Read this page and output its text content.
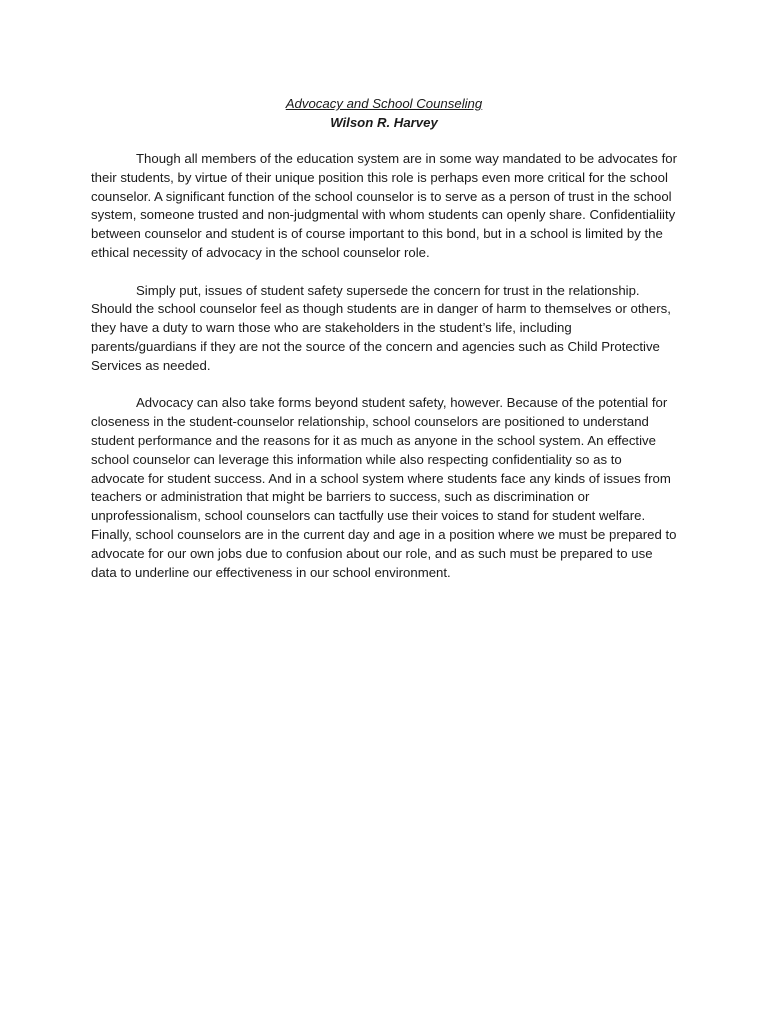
Advocacy and School Counseling
Wilson R. Harvey

Though all members of the education system are in some way mandated to be advocates for their students, by virtue of their unique position this role is perhaps even more critical for the school counselor. A significant function of the school counselor is to serve as a person of trust in the school system, someone trusted and non-judgmental with whom students can openly share. Confidentialiity between counselor and student is of course important to this bond, but in a school is limited by the ethical necessity of advocacy in the school counselor role.

Simply put, issues of student safety supersede the concern for trust in the relationship. Should the school counselor feel as though students are in danger of harm to themselves or others, they have a duty to warn those who are stakeholders in the student’s life, including parents/guardians if they are not the source of the concern and agencies such as Child Protective Services as needed.

Advocacy can also take forms beyond student safety, however. Because of the potential for closeness in the student-counselor relationship, school counselors are positioned to understand student performance and the reasons for it as much as anyone in the school system. An effective school counselor can leverage this information while also respecting confidentiality so as to advocate for student success. And in a school system where students face any kinds of issues from teachers or administration that might be barriers to success, such as discrimination or unprofessionalism, school counselors can tactfully use their voices to stand for student welfare. Finally, school counselors are in the current day and age in a position where we must be prepared to advocate for our own jobs due to confusion about our role, and as such must be prepared to use data to underline our effectiveness in our school environment.
